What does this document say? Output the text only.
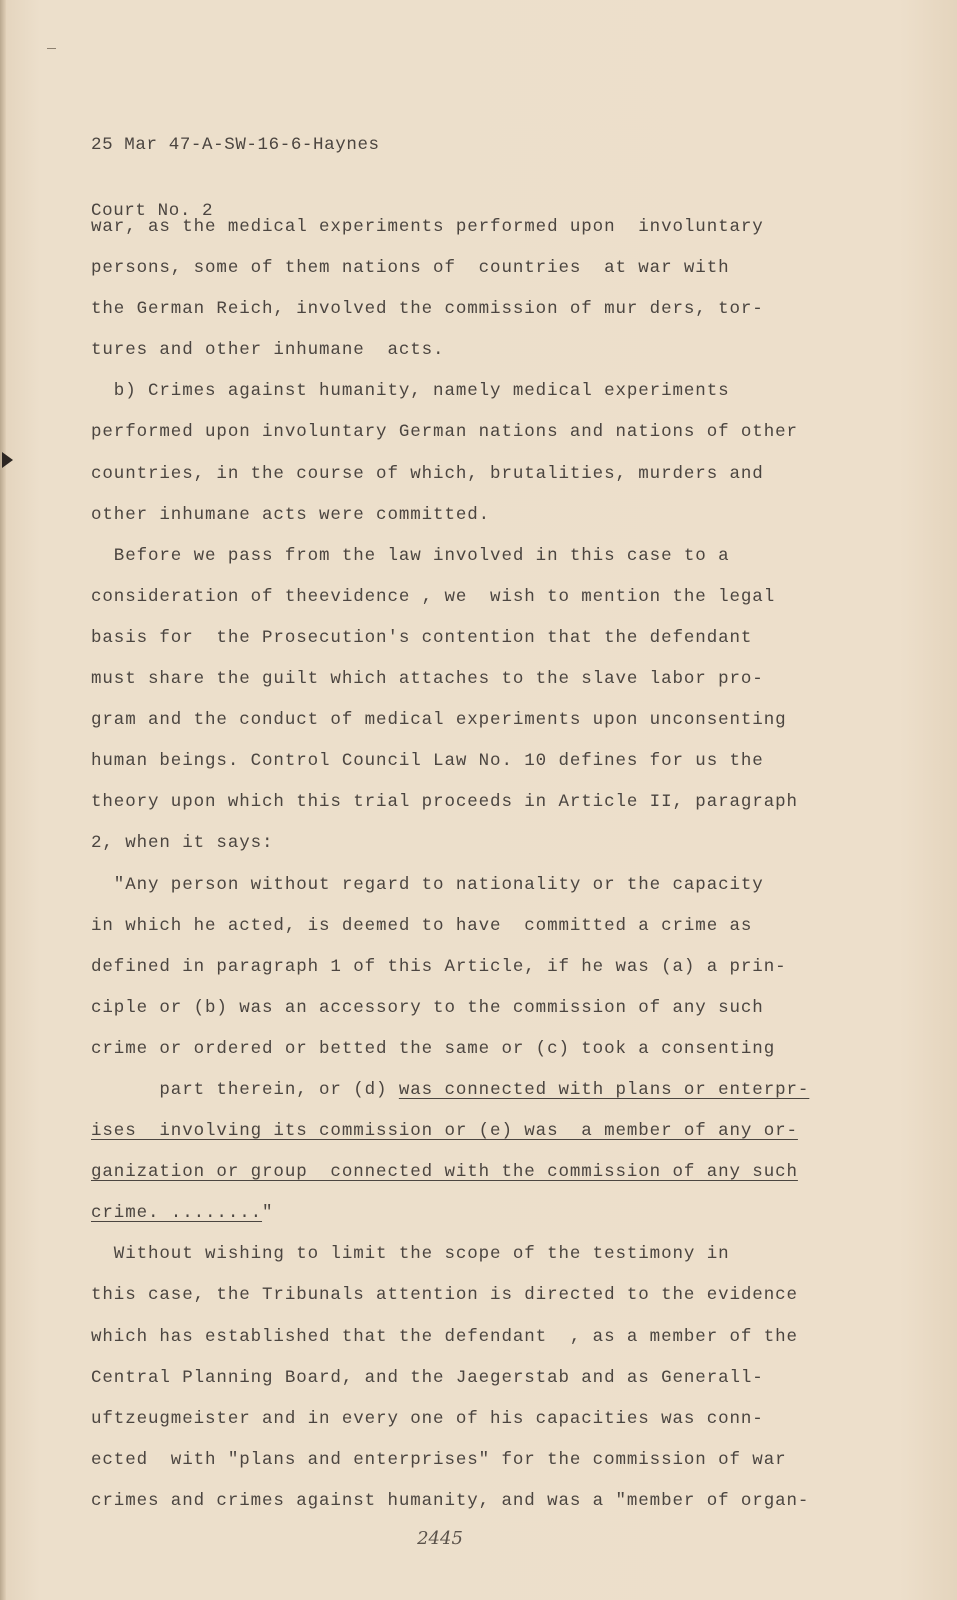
25 Mar 47-A-SW-16-6-Haynes

Court No. 2

war, as the medical experiments performed upon  involuntary
persons, some of them nations of  countries  at war with
the German Reich, involved the commission of mur ders, tor-
tures and other inhumane  acts.
b) Crimes against humanity, namely medical experiments
performed upon involuntary German nations and nations of other
countries, in the course of which, brutalities, murders and
other inhumane acts were committed.
Before we pass from the law involved in this case to a
consideration of theevidence , we  wish to mention the legal
basis for  the Prosecution's contention that the defendant
must share the guilt which attaches to the slave labor pro-
gram and the conduct of medical experiments upon unconsenting
human beings. Control Council Law No. 10 defines for us the
theory upon which this trial proceeds in Article II, paragraph
2, when it says:
"Any person without regard to nationality or the capacity
in which he acted, is deemed to have  committed a crime as
defined in paragraph 1 of this Article, if he was (a) a prin-
ciple or (b) was an accessory to the commission of any such
crime or ordered or betted the same or (c) took a consenting
part therein, or (d) was connected with plans or enterpr-
ises  involving its commission or (e) was  a member of any or-
ganization or group  connected with the commission of any such
crime. ........"
Without wishing to limit the scope of the testimony in
this case, the Tribunals attention is directed to the evidence
which has established that the defendant  , as a member of the
Central Planning Board, and the Jaegerstab and as Generall-
uftzeugmeister and in every one of his capacities was conn-
ected  with "plans and enterprises" for the commission of war
crimes and crimes against humanity, and was a "member of organ-
2445
